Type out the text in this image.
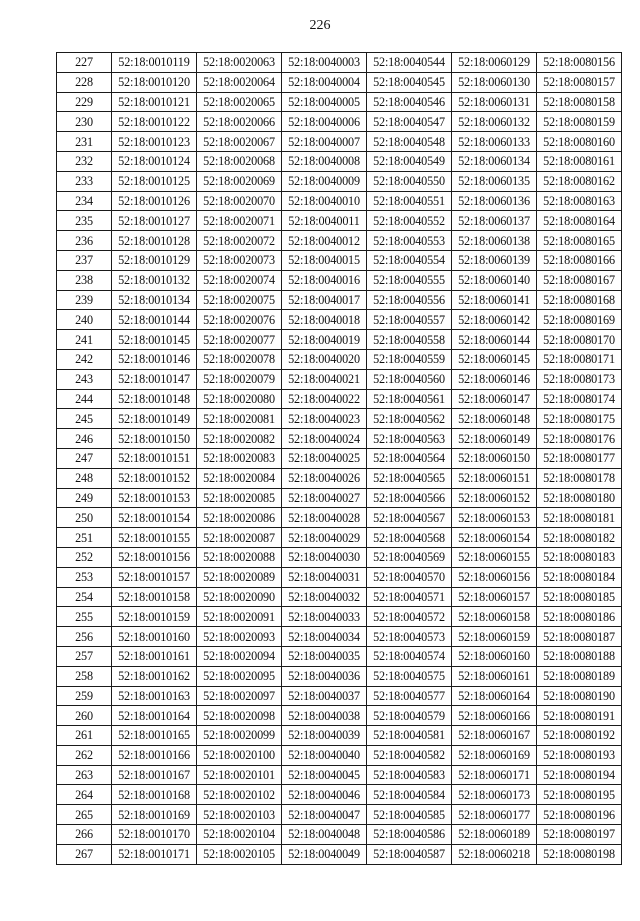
226
227	52:18:0010119	52:18:0020063	52:18:0040003	52:18:0040544	52:18:0060129	52:18:0080156
228	52:18:0010120	52:18:0020064	52:18:0040004	52:18:0040545	52:18:0060130	52:18:0080157
229	52:18:0010121	52:18:0020065	52:18:0040005	52:18:0040546	52:18:0060131	52:18:0080158
230	52:18:0010122	52:18:0020066	52:18:0040006	52:18:0040547	52:18:0060132	52:18:0080159
231	52:18:0010123	52:18:0020067	52:18:0040007	52:18:0040548	52:18:0060133	52:18:0080160
232	52:18:0010124	52:18:0020068	52:18:0040008	52:18:0040549	52:18:0060134	52:18:0080161
233	52:18:0010125	52:18:0020069	52:18:0040009	52:18:0040550	52:18:0060135	52:18:0080162
234	52:18:0010126	52:18:0020070	52:18:0040010	52:18:0040551	52:18:0060136	52:18:0080163
235	52:18:0010127	52:18:0020071	52:18:0040011	52:18:0040552	52:18:0060137	52:18:0080164
236	52:18:0010128	52:18:0020072	52:18:0040012	52:18:0040553	52:18:0060138	52:18:0080165
237	52:18:0010129	52:18:0020073	52:18:0040015	52:18:0040554	52:18:0060139	52:18:0080166
238	52:18:0010132	52:18:0020074	52:18:0040016	52:18:0040555	52:18:0060140	52:18:0080167
239	52:18:0010134	52:18:0020075	52:18:0040017	52:18:0040556	52:18:0060141	52:18:0080168
240	52:18:0010144	52:18:0020076	52:18:0040018	52:18:0040557	52:18:0060142	52:18:0080169
241	52:18:0010145	52:18:0020077	52:18:0040019	52:18:0040558	52:18:0060144	52:18:0080170
242	52:18:0010146	52:18:0020078	52:18:0040020	52:18:0040559	52:18:0060145	52:18:0080171
243	52:18:0010147	52:18:0020079	52:18:0040021	52:18:0040560	52:18:0060146	52:18:0080173
244	52:18:0010148	52:18:0020080	52:18:0040022	52:18:0040561	52:18:0060147	52:18:0080174
245	52:18:0010149	52:18:0020081	52:18:0040023	52:18:0040562	52:18:0060148	52:18:0080175
246	52:18:0010150	52:18:0020082	52:18:0040024	52:18:0040563	52:18:0060149	52:18:0080176
247	52:18:0010151	52:18:0020083	52:18:0040025	52:18:0040564	52:18:0060150	52:18:0080177
248	52:18:0010152	52:18:0020084	52:18:0040026	52:18:0040565	52:18:0060151	52:18:0080178
249	52:18:0010153	52:18:0020085	52:18:0040027	52:18:0040566	52:18:0060152	52:18:0080180
250	52:18:0010154	52:18:0020086	52:18:0040028	52:18:0040567	52:18:0060153	52:18:0080181
251	52:18:0010155	52:18:0020087	52:18:0040029	52:18:0040568	52:18:0060154	52:18:0080182
252	52:18:0010156	52:18:0020088	52:18:0040030	52:18:0040569	52:18:0060155	52:18:0080183
253	52:18:0010157	52:18:0020089	52:18:0040031	52:18:0040570	52:18:0060156	52:18:0080184
254	52:18:0010158	52:18:0020090	52:18:0040032	52:18:0040571	52:18:0060157	52:18:0080185
255	52:18:0010159	52:18:0020091	52:18:0040033	52:18:0040572	52:18:0060158	52:18:0080186
256	52:18:0010160	52:18:0020093	52:18:0040034	52:18:0040573	52:18:0060159	52:18:0080187
257	52:18:0010161	52:18:0020094	52:18:0040035	52:18:0040574	52:18:0060160	52:18:0080188
258	52:18:0010162	52:18:0020095	52:18:0040036	52:18:0040575	52:18:0060161	52:18:0080189
259	52:18:0010163	52:18:0020097	52:18:0040037	52:18:0040577	52:18:0060164	52:18:0080190
260	52:18:0010164	52:18:0020098	52:18:0040038	52:18:0040579	52:18:0060166	52:18:0080191
261	52:18:0010165	52:18:0020099	52:18:0040039	52:18:0040581	52:18:0060167	52:18:0080192
262	52:18:0010166	52:18:0020100	52:18:0040040	52:18:0040582	52:18:0060169	52:18:0080193
263	52:18:0010167	52:18:0020101	52:18:0040045	52:18:0040583	52:18:0060171	52:18:0080194
264	52:18:0010168	52:18:0020102	52:18:0040046	52:18:0040584	52:18:0060173	52:18:0080195
265	52:18:0010169	52:18:0020103	52:18:0040047	52:18:0040585	52:18:0060177	52:18:0080196
266	52:18:0010170	52:18:0020104	52:18:0040048	52:18:0040586	52:18:0060189	52:18:0080197
267	52:18:0010171	52:18:0020105	52:18:0040049	52:18:0040587	52:18:0060218	52:18:0080198
